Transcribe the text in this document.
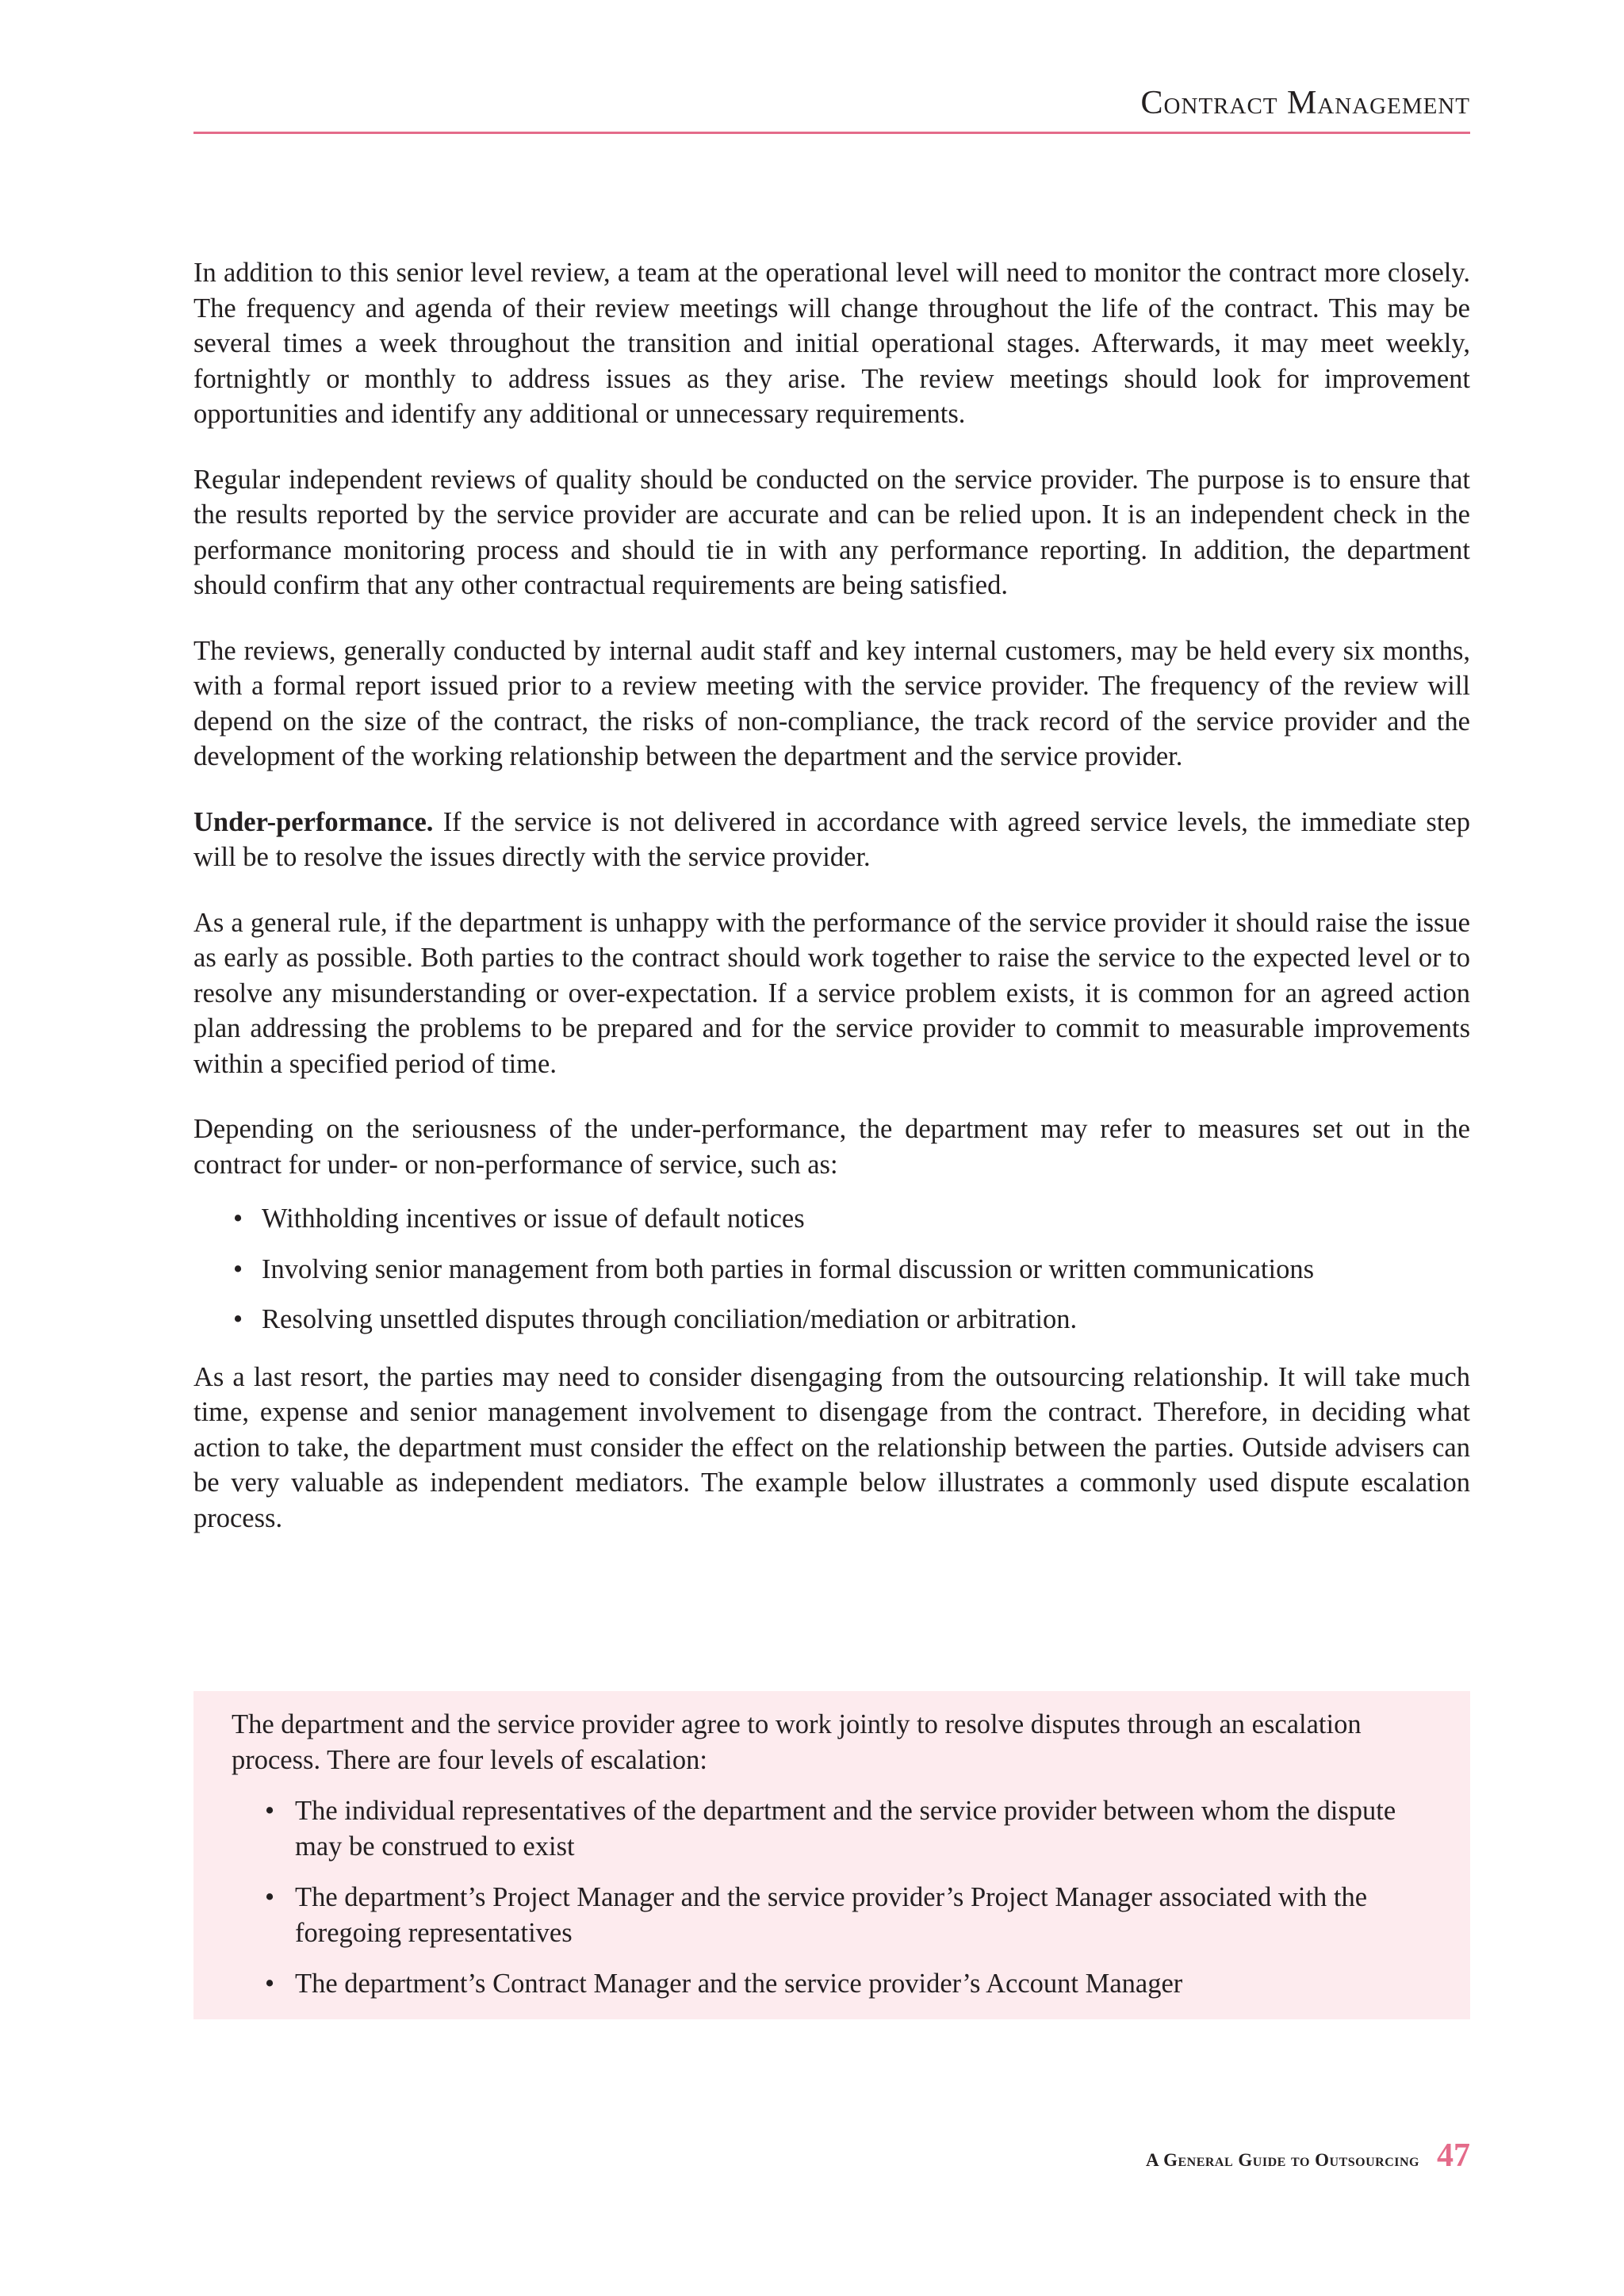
Contract Management

In addition to this senior level review, a team at the operational level will need to monitor the contract more closely. The frequency and agenda of their review meetings will change throughout the life of the contract. This may be several times a week throughout the transition and initial operational stages. Afterwards, it may meet weekly, fortnightly or monthly to address issues as they arise. The review meetings should look for improvement opportunities and identify any additional or unnecessary requirements.

Regular independent reviews of quality should be conducted on the service provider. The purpose is to ensure that the results reported by the service provider are accurate and can be relied upon. It is an independent check in the performance monitoring process and should tie in with any performance reporting. In addition, the department should confirm that any other contractual requirements are being satisfied.

The reviews, generally conducted by internal audit staff and key internal customers, may be held every six months, with a formal report issued prior to a review meeting with the service provider. The frequency of the review will depend on the size of the contract, the risks of non-compliance, the track record of the service provider and the development of the working relationship between the department and the service provider.

Under-performance. If the service is not delivered in accordance with agreed service levels, the immediate step will be to resolve the issues directly with the service provider.

As a general rule, if the department is unhappy with the performance of the service provider it should raise the issue as early as possible. Both parties to the contract should work together to raise the service to the expected level or to resolve any misunderstanding or over-expectation. If a service problem exists, it is common for an agreed action plan addressing the problems to be prepared and for the service provider to commit to measurable improvements within a specified period of time.

Depending on the seriousness of the under-performance, the department may refer to measures set out in the contract for under- or non-performance of service, such as:

• Withholding incentives or issue of default notices
• Involving senior management from both parties in formal discussion or written communications
• Resolving unsettled disputes through conciliation/mediation or arbitration.

As a last resort, the parties may need to consider disengaging from the outsourcing relationship. It will take much time, expense and senior management involvement to disengage from the contract. Therefore, in deciding what action to take, the department must consider the effect on the relationship between the parties. Outside advisers can be very valuable as independent mediators. The example below illustrates a commonly used dispute escalation process.

The department and the service provider agree to work jointly to resolve disputes through an escalation process. There are four levels of escalation:

• The individual representatives of the department and the service provider between whom the dispute may be construed to exist
• The department’s Project Manager and the service provider’s Project Manager associated with the foregoing representatives
• The department’s Contract Manager and the service provider’s Account Manager
A General Guide to Outsourcing 47
